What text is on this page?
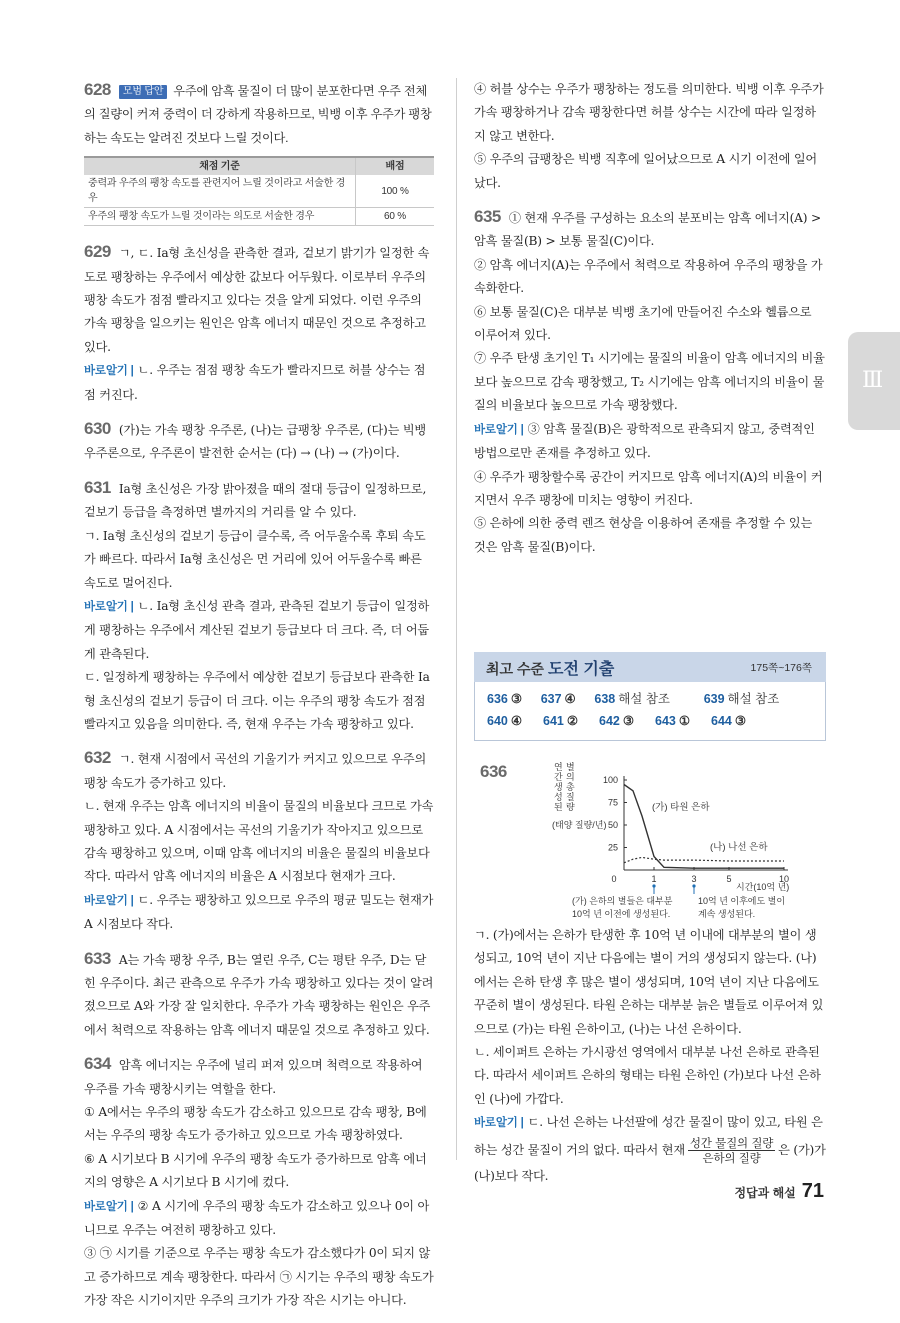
628 모범 답안 우주에 암흑 물질이 더 많이 분포한다면 우주 전체의 질량이 커져 중력이 더 강하게 작용하므로, 빅뱅 이후 우주가 팽창하는 속도는 알려진 것보다 느릴 것이다.

채점 기준	배점
중력과 우주의 팽창 속도를 관련지어 느릴 것이라고 서술한 경우	100 %
우주의 팽창 속도가 느릴 것이라는 의도로 서술한 경우	60 %

629 ㄱ, ㄷ. Ⅰa형 초신성을 관측한 결과, 겉보기 밝기가 일정한 속도로 팽창하는 우주에서 예상한 값보다 어두웠다. 이로부터 우주의 팽창 속도가 점점 빨라지고 있다는 것을 알게 되었다. 이런 우주의 가속 팽창을 일으키는 원인은 암흑 에너지 때문인 것으로 추정하고 있다.

바로알기 | ㄴ. 우주는 점점 팽창 속도가 빨라지므로 허블 상수는 점점 커진다.

630 (가)는 가속 팽창 우주론, (나)는 급팽창 우주론, (다)는 빅뱅 우주론으로, 우주론이 발전한 순서는 (다) → (나) → (가)이다.

631 Ⅰa형 초신성은 가장 밝아졌을 때의 절대 등급이 일정하므로, 겉보기 등급을 측정하면 별까지의 거리를 알 수 있다.

ㄱ. Ⅰa형 초신성의 겉보기 등급이 클수록, 즉 어두울수록 후퇴 속도가 빠르다. 따라서 Ⅰa형 초신성은 먼 거리에 있어 어두울수록 빠른 속도로 멀어진다.

바로알기 | ㄴ. Ⅰa형 초신성 관측 결과, 관측된 겉보기 등급이 일정하게 팽창하는 우주에서 계산된 겉보기 등급보다 더 크다. 즉, 더 어둡게 관측된다.

ㄷ. 일정하게 팽창하는 우주에서 예상한 겉보기 등급보다 관측한 Ⅰa형 초신성의 겉보기 등급이 더 크다. 이는 우주의 팽창 속도가 점점 빨라지고 있음을 의미한다. 즉, 현재 우주는 가속 팽창하고 있다.

632 ㄱ. 현재 시점에서 곡선의 기울기가 커지고 있으므로 우주의 팽창 속도가 증가하고 있다.

ㄴ. 현재 우주는 암흑 에너지의 비율이 물질의 비율보다 크므로 가속 팽창하고 있다. A 시점에서는 곡선의 기울기가 작아지고 있으므로 감속 팽창하고 있으며, 이때 암흑 에너지의 비율은 물질의 비율보다 작다. 따라서 암흑 에너지의 비율은 A 시점보다 현재가 크다.

바로알기 | ㄷ. 우주는 팽창하고 있으므로 우주의 평균 밀도는 현재가 A 시점보다 작다.

633 A는 가속 팽창 우주, B는 열린 우주, C는 평탄 우주, D는 닫힌 우주이다. 최근 관측으로 우주가 가속 팽창하고 있다는 것이 알려졌으므로 A와 가장 잘 일치한다. 우주가 가속 팽창하는 원인은 우주에서 척력으로 작용하는 암흑 에너지 때문일 것으로 추정하고 있다.

634 암흑 에너지는 우주에 널리 퍼져 있으며 척력으로 작용하여 우주를 가속 팽창시키는 역할을 한다.

① A에서는 우주의 팽창 속도가 감소하고 있으므로 감속 팽창, B에서는 우주의 팽창 속도가 증가하고 있으므로 가속 팽창하였다.

⑥ A 시기보다 B 시기에 우주의 팽창 속도가 증가하므로 암흑 에너지의 영향은 A 시기보다 B 시기에 컸다.

바로알기 | ② A 시기에 우주의 팽창 속도가 감소하고 있으나 0이 아니므로 우주는 여전히 팽창하고 있다.

③ ㉠ 시기를 기준으로 우주는 팽창 속도가 감소했다가 0이 되지 않고 증가하므로 계속 팽창한다. 따라서 ㉠ 시기는 우주의 팽창 속도가 가장 작은 시기이지만 우주의 크기가 가장 작은 시기는 아니다.

④ 허블 상수는 우주가 팽창하는 정도를 의미한다. 빅뱅 이후 우주가 가속 팽창하거나 감속 팽창한다면 허블 상수는 시간에 따라 일정하지 않고 변한다.

⑤ 우주의 급팽창은 빅뱅 직후에 일어났으므로 A 시기 이전에 일어났다.

635 ① 현재 우주를 구성하는 요소의 분포비는 암흑 에너지(A) > 암흑 물질(B) > 보통 물질(C)이다.

② 암흑 에너지(A)는 우주에서 척력으로 작용하여 우주의 팽창을 가속화한다.

⑥ 보통 물질(C)은 대부분 빅뱅 초기에 만들어진 수소와 헬륨으로 이루어져 있다.

⑦ 우주 탄생 초기인 T₁ 시기에는 물질의 비율이 암흑 에너지의 비율보다 높으므로 감속 팽창했고, T₂ 시기에는 암흑 에너지의 비율이 물질의 비율보다 높으므로 가속 팽창했다.

바로알기 | ③ 암흑 물질(B)은 광학적으로 관측되지 않고, 중력적인 방법으로만 존재를 추정하고 있다.

④ 우주가 팽창할수록 공간이 커지므로 암흑 에너지(A)의 비율이 커지면서 우주 팽창에 미치는 영향이 커진다.

⑤ 은하에 의한 중력 렌즈 현상을 이용하여 존재를 추정할 수 있는 것은 암흑 물질(B)이다.

최고 수준 도전 기출	175쪽~176쪽
636 ③	637 ④	638 해설 참조	639 해설 참조
640 ④	641 ②	642 ③	643 ①	644 ③
636	연
간
생
성
된
별
의
총
질
량
(태양 질량/년)
100
75
50
25
0	1	3	5	10
(가) 타원 은하
(나) 나선 은하
시간(10억 년)
(가) 은하의 별들은 대부분
10억 년 이전에 생성된다.
10억 년 이후에도 별이
계속 생성된다.

ㄱ. (가)에서는 은하가 탄생한 후 10억 년 이내에 대부분의 별이 생성되고, 10억 년이 지난 다음에는 별이 거의 생성되지 않는다. (나)에서는 은하 탄생 후 많은 별이 생성되며, 10억 년이 지난 다음에도 꾸준히 별이 생성된다. 타원 은하는 대부분 늙은 별들로 이루어져 있으므로 (가)는 타원 은하이고, (나)는 나선 은하이다.

ㄴ. 세이퍼트 은하는 가시광선 영역에서 대부분 나선 은하로 관측된다. 따라서 세이퍼트 은하의 형태는 타원 은하인 (가)보다 나선 은하인 (나)에 가깝다.

바로알기 | ㄷ. 나선 은하는 나선팔에 성간 물질이 많이 있고, 타원 은하는 성간 물질이 거의 없다. 따라서 현재 $\frac{\text{성간 물질의 질량}}{\text{은하의 질량}}$ 은 (가)가 (나)보다 작다.

Ⅲ
정답과 해설 71
